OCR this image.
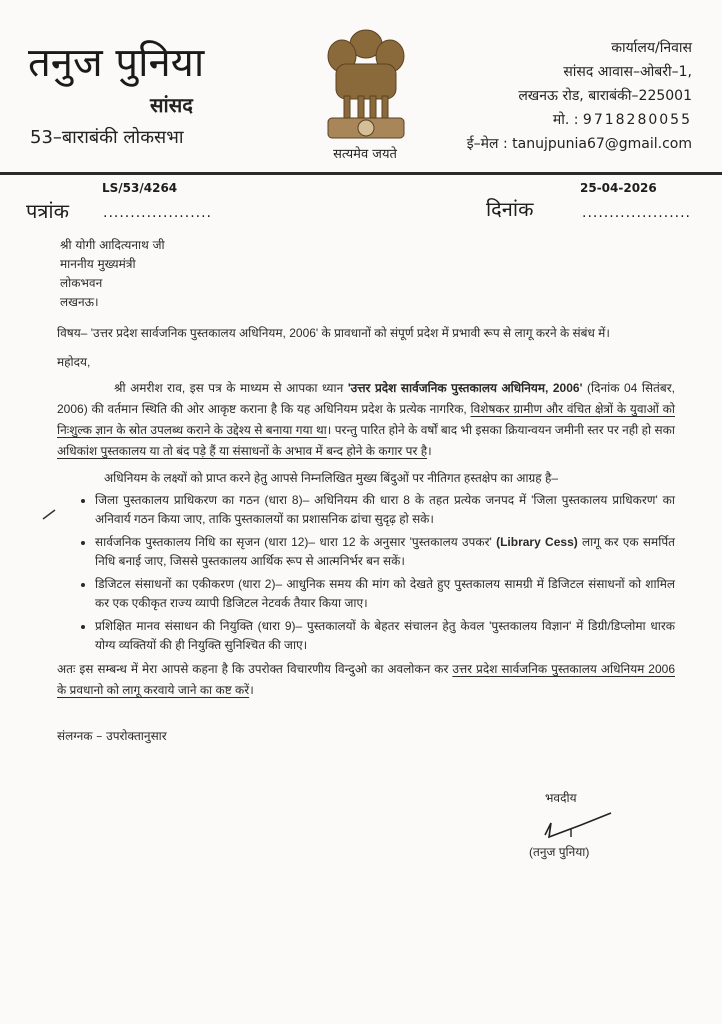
तनुज पुनिया
सांसद
53–बाराबंकी लोकसभा
सत्यमेव जयते
कार्यालय/निवास
सांसद आवास–ओबरी–1,
लखनऊ रोड, बाराबंकी–225001
मो. : 9718280055
ई–मेल : tanujpunia67@gmail.com
LS/53/4264
पत्रांक ....................
25-04-2026
दिनांक	....................
श्री योगी आदित्यनाथ जी
माननीय मुख्यमंत्री
लोकभवन
लखनऊ।
विषय– 'उत्तर प्रदेश सार्वजनिक पुस्तकालय अधिनियम, 2006' के प्रावधानों को संपूर्ण प्रदेश में प्रभावी रूप से लागू करने के संबंध में।
महोदय,
श्री अमरीश राव, इस पत्र के माध्यम से आपका ध्यान 'उत्तर प्रदेश सार्वजनिक पुस्तकालय अधिनियम, 2006' (दिनांक 04 सितंबर, 2006) की वर्तमान स्थिति की ओर आकृष्ट कराना है कि यह अधिनियम प्रदेश के प्रत्येक नागरिक, विशेषकर ग्रामीण और वंचित क्षेत्रों के युवाओं को निःशुल्क ज्ञान के स्रोत उपलब्ध कराने के उद्देश्य से बनाया गया था। परन्तु पारित होने के वर्षों बाद भी इसका क्रियान्वयन जमीनी स्तर पर नही हो सका अधिकांश पुस्तकालय या तो बंद पड़े हैं या संसाधनों के अभाव में बन्द होने के कगार पर है।
अधिनियम के लक्ष्यों को प्राप्त करने हेतु आपसे निम्नलिखित मुख्य बिंदुओं पर नीतिगत हस्तक्षेप का आग्रह है–
• जिला पुस्तकालय प्राधिकरण का गठन (धारा 8)– अधिनियम की धारा 8 के तहत प्रत्येक जनपद में 'जिला पुस्तकालय प्राधिकरण' का अनिवार्य गठन किया जाए, ताकि पुस्तकालयों का प्रशासनिक ढांचा सुदृढ़ हो सके।
• सार्वजनिक पुस्तकालय निधि का सृजन (धारा 12)– धारा 12 के अनुसार 'पुस्तकालय उपकर' (Library Cess) लागू कर एक समर्पित निधि बनाई जाए, जिससे पुस्तकालय आर्थिक रूप से आत्मनिर्भर बन सकें।
• डिजिटल संसाधनों का एकीकरण (धारा 2)– आधुनिक समय की मांग को देखते हुए पुस्तकालय सामग्री में डिजिटल संसाधनों को शामिल कर एक एकीकृत राज्य व्यापी डिजिटल नेटवर्क तैयार किया जाए।
• प्रशिक्षित मानव संसाधन की नियुक्ति (धारा 9)– पुस्तकालयों के बेहतर संचालन हेतु केवल 'पुस्तकालय विज्ञान' में डिग्री/डिप्लोमा धारक योग्य व्यक्तियों की ही नियुक्ति सुनिश्चित की जाए।
अतः इस सम्बन्ध में मेरा आपसे कहना है कि उपरोक्त विचारणीय विन्दुओ का अवलोकन कर उत्तर प्रदेश सार्वजनिक पुस्तकालय अधिनियम 2006 के प्रवधानो को लागू करवाये जाने का कष्ट करें।
संलग्नक – उपरोक्तानुसार
भवदीय
(तनुज पुनिया)
